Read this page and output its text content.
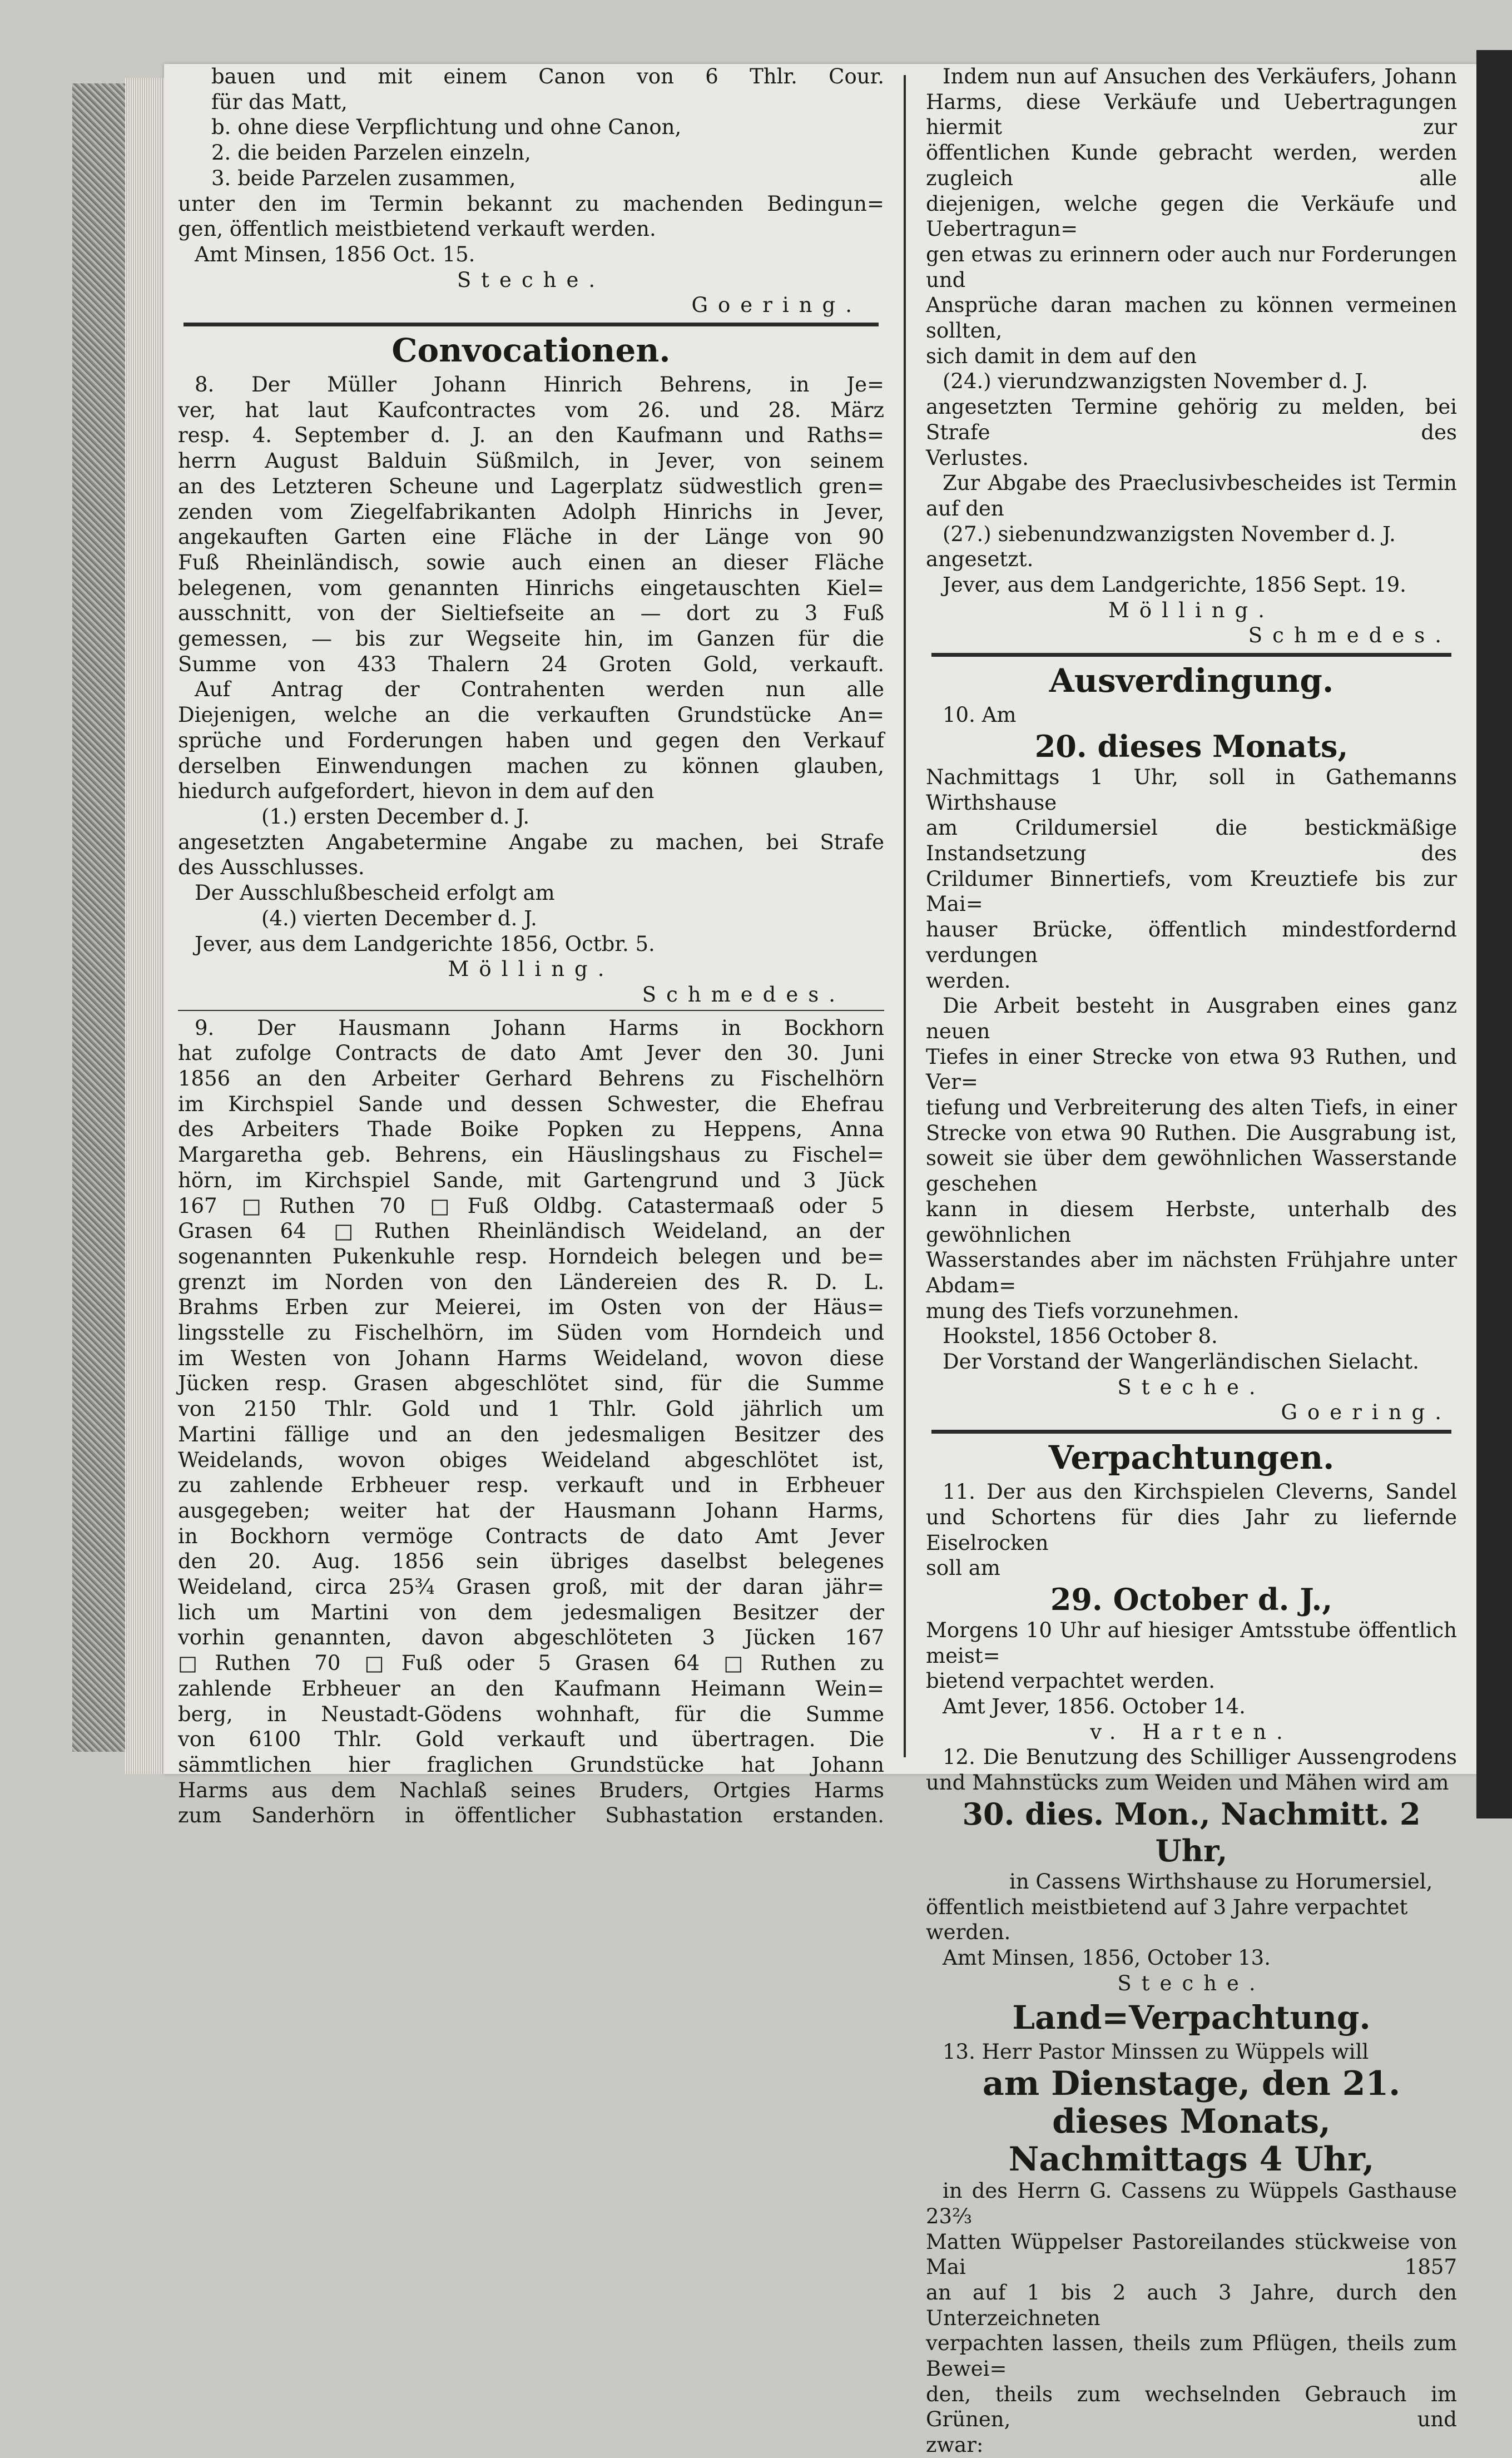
bauen und mit einem Canon von 6 Thlr. Cour.

für das Matt,

b. ohne diese Verpflichtung und ohne Canon,

2. die beiden Parzelen einzeln,

3. beide Parzelen zusammen,

unter den im Termin bekannt zu machenden Bedingun=

gen, öffentlich meistbietend verkauft werden.

Amt Minsen, 1856 Oct. 15.

Steche.

Goering.

Convocationen.

8. Der Müller Johann Hinrich Behrens, in Je=

ver, hat laut Kaufcontractes vom 26. und 28. März

resp. 4. September d. J. an den Kaufmann und Raths=

herrn August Balduin Süßmilch, in Jever, von seinem

an des Letzteren Scheune und Lagerplatz südwestlich gren=

zenden vom Ziegelfabrikanten Adolph Hinrichs in Jever,

angekauften Garten eine Fläche in der Länge von 90

Fuß Rheinländisch, sowie auch einen an dieser Fläche

belegenen, vom genannten Hinrichs eingetauschten Kiel=

ausschnitt, von der Sieltiefseite an — dort zu 3 Fuß

gemessen, — bis zur Wegseite hin, im Ganzen für die

Summe von 433 Thalern 24 Groten Gold, verkauft.

Auf Antrag der Contrahenten werden nun alle

Diejenigen, welche an die verkauften Grundstücke An=

sprüche und Forderungen haben und gegen den Verkauf

derselben Einwendungen machen zu können glauben,

hiedurch aufgefordert, hievon in dem auf den

(1.) ersten December d. J.

angesetzten Angabetermine Angabe zu machen, bei Strafe

des Ausschlusses.

Der Ausschlußbescheid erfolgt am

(4.) vierten December d. J.

Jever, aus dem Landgerichte 1856, Octbr. 5.

Mölling.

Schmedes.

9. Der Hausmann Johann Harms in Bockhorn

hat zufolge Contracts de dato Amt Jever den 30. Juni

1856 an den Arbeiter Gerhard Behrens zu Fischelhörn

im Kirchspiel Sande und dessen Schwester, die Ehefrau

des Arbeiters Thade Boike Popken zu Heppens, Anna

Margaretha geb. Behrens, ein Häuslingshaus zu Fischel=

hörn, im Kirchspiel Sande, mit Gartengrund und 3 Jück

167 □Ruthen 70 □Fuß Oldbg. Catastermaaß oder 5

Grasen 64 □Ruthen Rheinländisch Weideland, an der

sogenannten Pukenkuhle resp. Horndeich belegen und be=

grenzt im Norden von den Ländereien des R. D. L.

Brahms Erben zur Meierei, im Osten von der Häus=

lingsstelle zu Fischelhörn, im Süden vom Horndeich und

im Westen von Johann Harms Weideland, wovon diese

Jücken resp. Grasen abgeschlötet sind, für die Summe

von 2150 Thlr. Gold und 1 Thlr. Gold jährlich um

Martini fällige und an den jedesmaligen Besitzer des

Weidelands, wovon obiges Weideland abgeschlötet ist,

zu zahlende Erbheuer resp. verkauft und in Erbheuer

ausgegeben; weiter hat der Hausmann Johann Harms,

in Bockhorn vermöge Contracts de dato Amt Jever

den 20. Aug. 1856 sein übriges daselbst belegenes

Weideland, circa 25¾ Grasen groß, mit der daran jähr=

lich um Martini von dem jedesmaligen Besitzer der

vorhin genannten, davon abgeschlöteten 3 Jücken 167

□Ruthen 70 □Fuß oder 5 Grasen 64 □Ruthen zu

zahlende Erbheuer an den Kaufmann Heimann Wein=

berg, in Neustadt-Gödens wohnhaft, für die Summe

von 6100 Thlr. Gold verkauft und übertragen. Die

sämmtlichen hier fraglichen Grundstücke hat Johann

Harms aus dem Nachlaß seines Bruders, Ortgies Harms

zum Sanderhörn in öffentlicher Subhastation erstanden.

Indem nun auf Ansuchen des Verkäufers, Johann

Harms, diese Verkäufe und Uebertragungen hiermit zur

öffentlichen Kunde gebracht werden, werden zugleich alle

diejenigen, welche gegen die Verkäufe und Uebertragun=

gen etwas zu erinnern oder auch nur Forderungen und

Ansprüche daran machen zu können vermeinen sollten,

sich damit in dem auf den

(24.) vierundzwanzigsten November d. J.

angesetzten Termine gehörig zu melden, bei Strafe des

Verlustes.

Zur Abgabe des Praeclusivbescheides ist Termin

auf den

(27.) siebenundzwanzigsten November d. J.

angesetzt.

Jever, aus dem Landgerichte, 1856 Sept. 19.

Mölling.

Schmedes.

Ausverdingung.

10. Am

20. dieses Monats,

Nachmittags 1 Uhr, soll in Gathemanns Wirthshause

am Crildumersiel die bestickmäßige Instandsetzung des

Crildumer Binnertiefs, vom Kreuztiefe bis zur Mai=

hauser Brücke, öffentlich mindestfordernd verdungen

werden.

Die Arbeit besteht in Ausgraben eines ganz neuen

Tiefes in einer Strecke von etwa 93 Ruthen, und Ver=

tiefung und Verbreiterung des alten Tiefs, in einer

Strecke von etwa 90 Ruthen. Die Ausgrabung ist,

soweit sie über dem gewöhnlichen Wasserstande geschehen

kann in diesem Herbste, unterhalb des gewöhnlichen

Wasserstandes aber im nächsten Frühjahre unter Abdam=

mung des Tiefs vorzunehmen.

Hookstel, 1856 October 8.

Der Vorstand der Wangerländischen Sielacht.

Steche.

Goering.

Verpachtungen.

11. Der aus den Kirchspielen Cleverns, Sandel

und Schortens für dies Jahr zu liefernde Eiselrocken

soll am

29. October d. J.,

Morgens 10 Uhr auf hiesiger Amtsstube öffentlich meist=

bietend verpachtet werden.

Amt Jever, 1856. October 14.

v. Harten.

12. Die Benutzung des Schilliger Aussengrodens

und Mahnstücks zum Weiden und Mähen wird am

30. dies. Mon., Nachmitt. 2 Uhr,

in Cassens Wirthshause zu Horumersiel,

öffentlich meistbietend auf 3 Jahre verpachtet werden.

Amt Minsen, 1856, October 13.

Steche.

Land=Verpachtung.

13. Herr Pastor Minssen zu Wüppels will

am Dienstage, den 21. dieses Monats,

Nachmittags 4 Uhr,

in des Herrn G. Cassens zu Wüppels Gasthause 23⅔

Matten Wüppelser Pastoreilandes stückweise von Mai 1857

an auf 1 bis 2 auch 3 Jahre, durch den Unterzeichneten

verpachten lassen, theils zum Pflügen, theils zum Bewei=

den, theils zum wechselnden Gebrauch im Grünen, und

zwar:
